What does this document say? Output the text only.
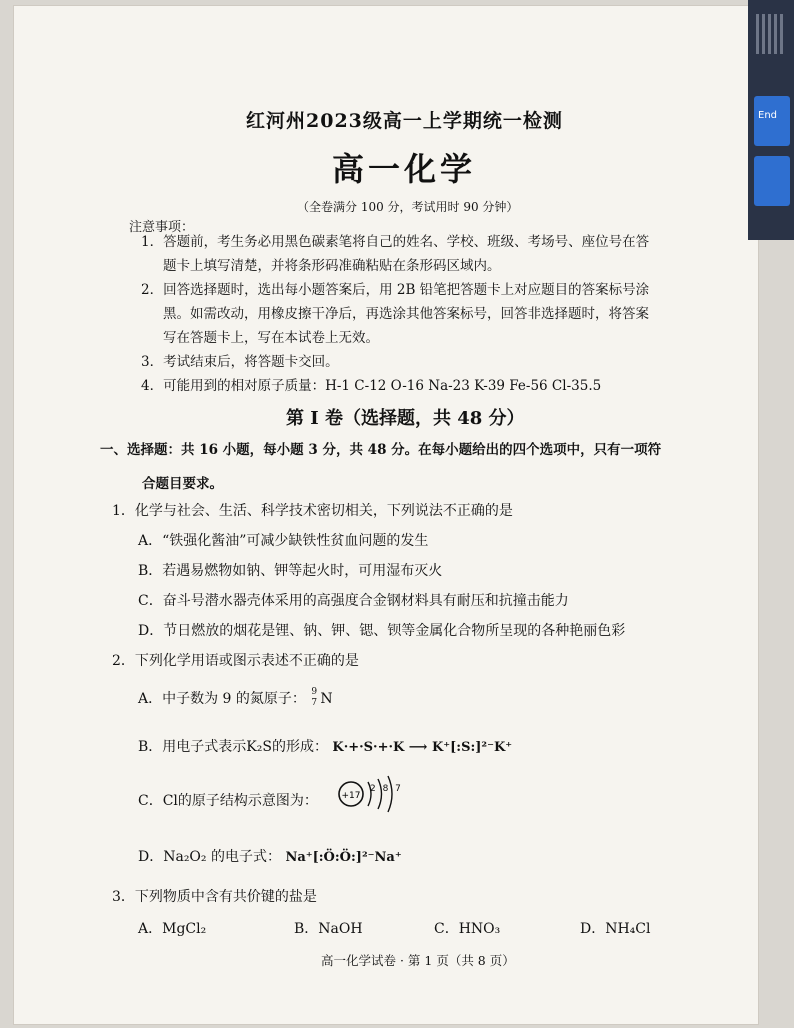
红河州2023级高一上学期统一检测
高一化学
（全卷满分 100 分，考试用时 90 分钟）
注意事项：
1．答题前，考生务必用黑色碳素笔将自己的姓名、学校、班级、考场号、座位号在答
题卡上填写清楚，并将条形码准确粘贴在条形码区域内。
2．回答选择题时，选出每小题答案后，用 2B 铅笔把答题卡上对应题目的答案标号涂
黑。如需改动，用橡皮擦干净后，再选涂其他答案标号，回答非选择题时，将答案
写在答题卡上，写在本试卷上无效。
3．考试结束后，将答题卡交回。
4．可能用到的相对原子质量：H-1 C-12 O-16 Na-23 K-39 Fe-56 Cl-35.5
第 I 卷（选择题，共 48 分）
一、选择题：共 16 小题，每小题 3 分，共 48 分。在每小题给出的四个选项中，只有一项符
合题目要求。
1．化学与社会、生活、科学技术密切相关，下列说法不正确的是
A．“铁强化酱油”可减少缺铁性贫血问题的发生
B．若遇易燃物如钠、钾等起火时，可用湿布灭火
C．奋斗号潜水器壳体采用的高强度合金钢材料具有耐压和抗撞击能力
D．节日燃放的烟花是锂、钠、钾、锶、钡等金属化合物所呈现的各种艳丽色彩
2．下列化学用语或图示表述不正确的是
A．中子数为 9 的氮原子： 9
7 N
B．用电子式表示K₂S的形成： K·+·S·+·K ⟶ K⁺[:S:]²⁻K⁺
C．Cl的原子结构示意图为：	+17
2 8 7
D．Na₂O₂ 的电子式： Na⁺[:Ö:Ö:]²⁻Na⁺
3．下列物质中含有共价键的盐是
A．MgCl₂	B．NaOH	C．HNO₃	D．NH₄Cl
高一化学试卷 · 第 1 页（共 8 页）
End
